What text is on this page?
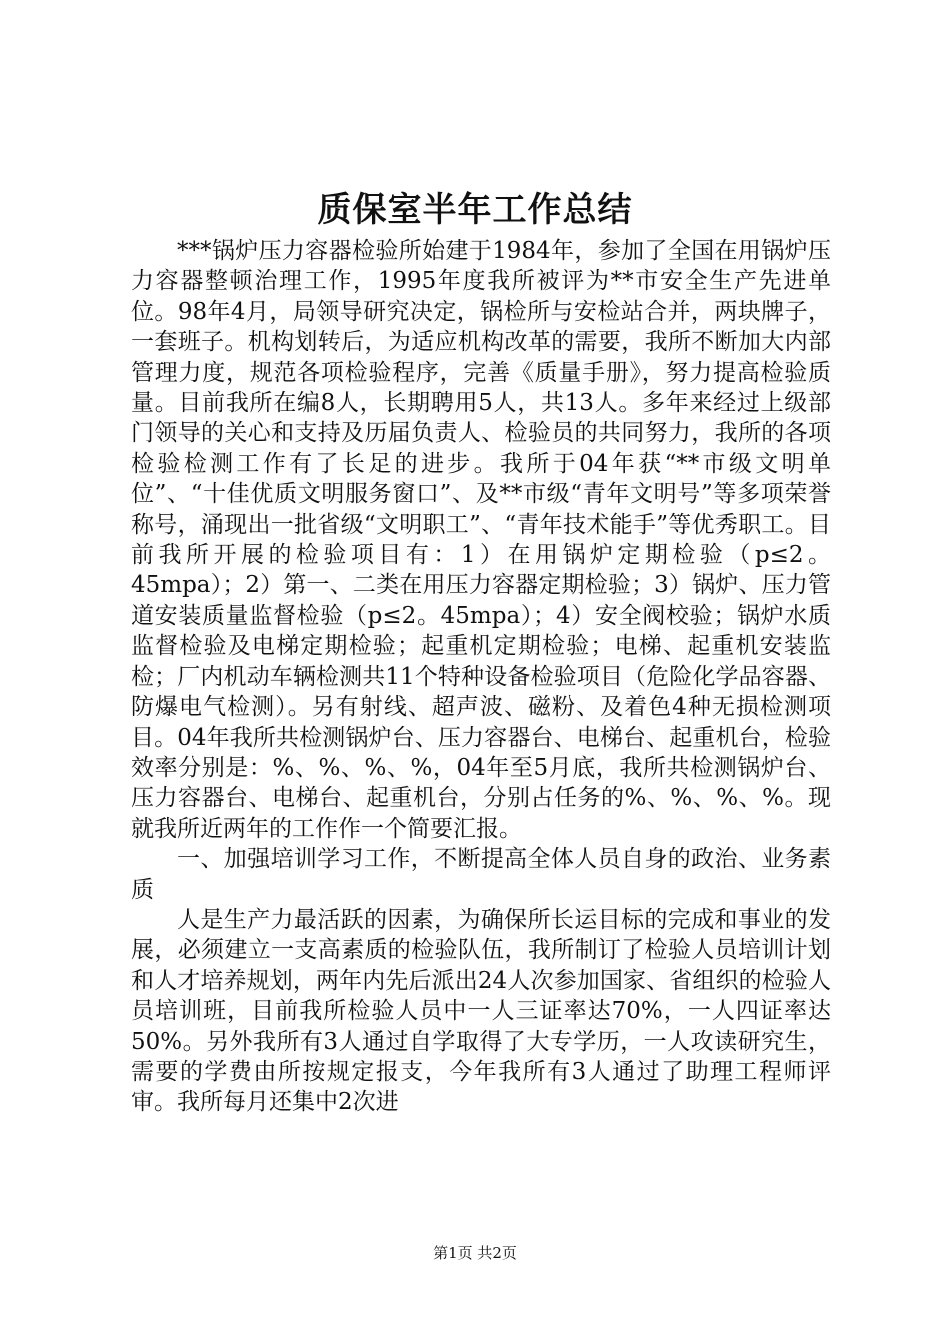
质保室半年工作总结

***锅炉压力容器检验所始建于1984年，参加了全国在用锅炉压力容器整顿治理工作，1995年度我所被评为**市安全生产先进单位。98年4月，局领导研究决定，锅检所与安检站合并，两块牌子，一套班子。机构划转后，为适应机构改革的需要，我所不断加大内部管理力度，规范各项检验程序，完善《质量手册》，努力提高检验质量。目前我所在编8人，长期聘用5人，共13人。多年来经过上级部门领导的关心和支持及历届负责人、检验员的共同努力，我所的各项检验检测工作有了长足的进步。我所于04年获“**市级文明单位”、“十佳优质文明服务窗口”、及**市级“青年文明号”等多项荣誉称号，涌现出一批省级“文明职工”、“青年技术能手”等优秀职工。目前我所开展的检验项目有：1）在用锅炉定期检验（p≤2。45mpa）；2）第一、二类在用压力容器定期检验；3）锅炉、压力管道安装质量监督检验（p≤2。45mpa）；4）安全阀校验；锅炉水质监督检验及电梯定期检验；起重机定期检验；电梯、起重机安装监检；厂内机动车辆检测共11个特种设备检验项目（危险化学品容器、防爆电气检测）。另有射线、超声波、磁粉、及着色4种无损检测项目。04年我所共检测锅炉台、压力容器台、电梯台、起重机台，检验效率分别是：%、%、%、%，04年至5月底，我所共检测锅炉台、压力容器台、电梯台、起重机台，分别占任务的%、%、%、%。现就我所近两年的工作作一个简要汇报。

一、加强培训学习工作，不断提高全体人员自身的政治、业务素质

人是生产力最活跃的因素，为确保所长运目标的完成和事业的发展，必须建立一支高素质的检验队伍，我所制订了检验人员培训计划和人才培养规划，两年内先后派出24人次参加国家、省组织的检验人员培训班，目前我所检验人员中一人三证率达70%，一人四证率达50%。另外我所有3人通过自学取得了大专学历，一人攻读研究生，需要的学费由所按规定报支，今年我所有3人通过了助理工程师评审。我所每月还集中2次进

第1页 共2页
